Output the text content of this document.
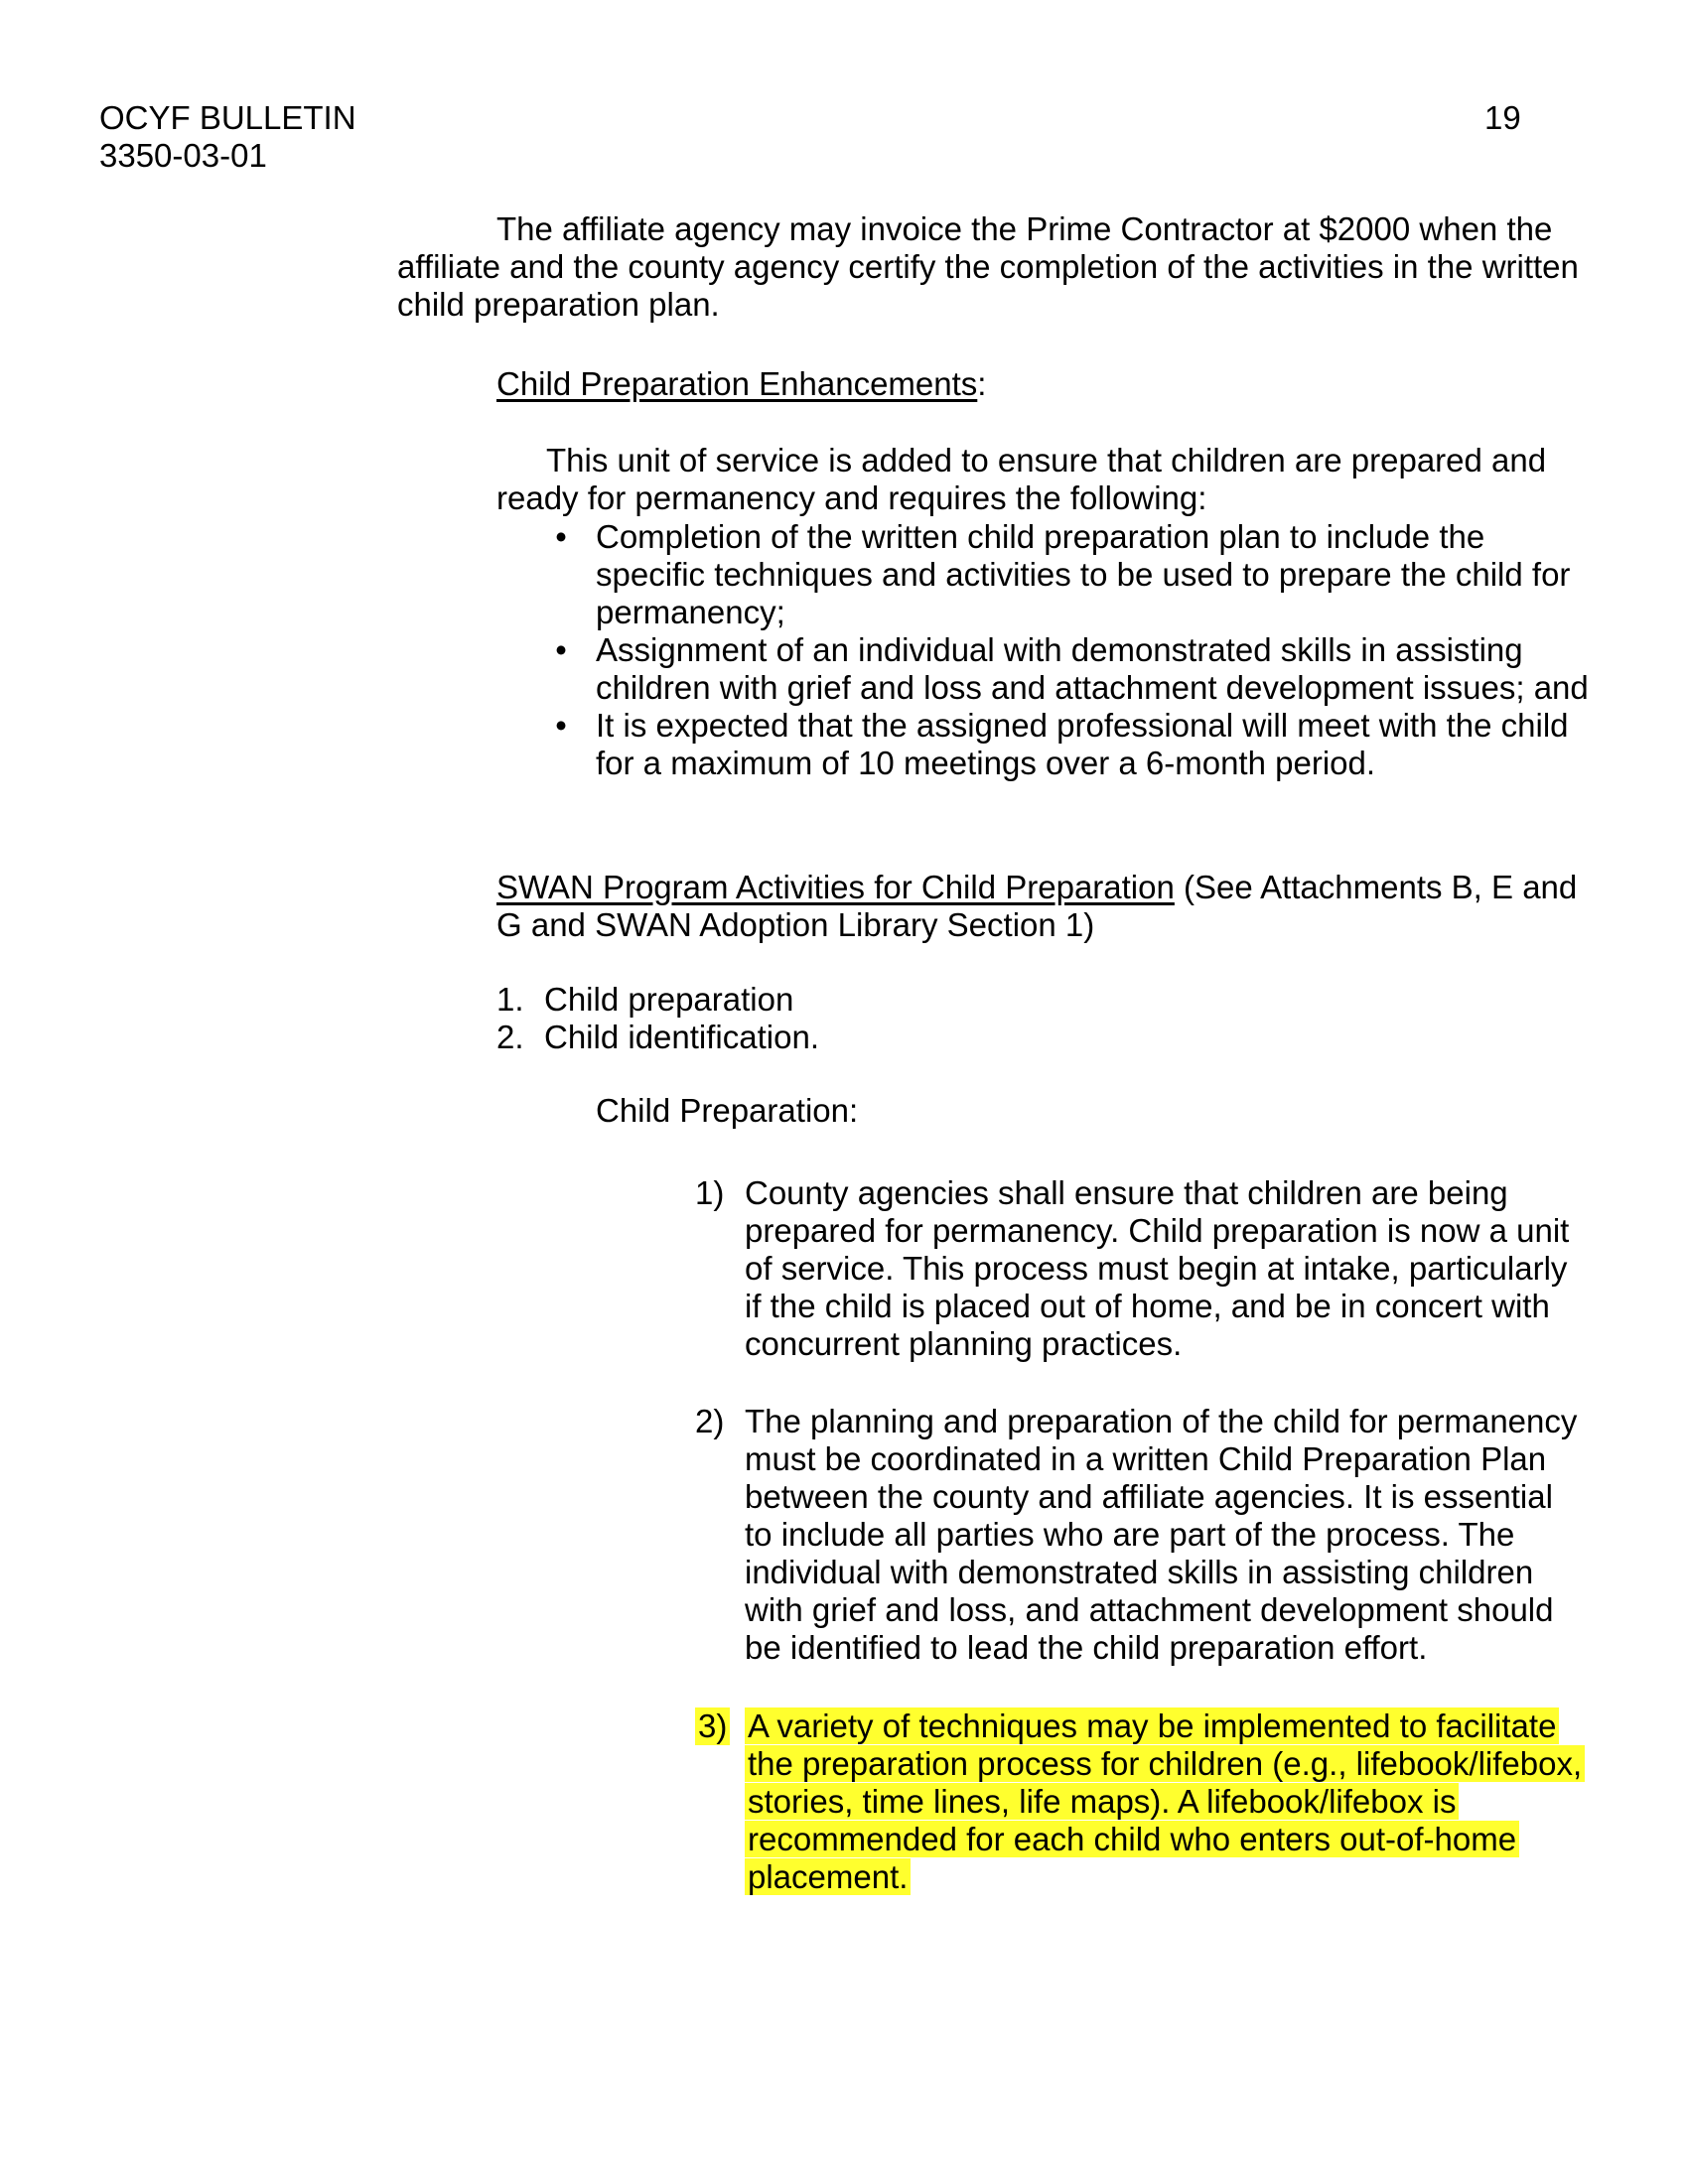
OCYF BULLETIN
3350-03-01
19
The affiliate agency may invoice the Prime Contractor at $2000 when the affiliate and the county agency certify the completion of the activities in the written child preparation plan.
Child Preparation Enhancements:
This unit of service is added to ensure that children are prepared and ready for permanency and requires the following:
• Completion of the written child preparation plan to include the specific techniques and activities to be used to prepare the child for permanency;
• Assignment of an individual with demonstrated skills in assisting children with grief and loss and attachment development issues; and
• It is expected that the assigned professional will meet with the child for a maximum of 10 meetings over a 6-month period.
SWAN Program Activities for Child Preparation (See Attachments B, E and G and SWAN Adoption Library Section 1)
1. Child preparation
2. Child identification.
Child Preparation:
1) County agencies shall ensure that children are being prepared for permanency. Child preparation is now a unit of service. This process must begin at intake, particularly if the child is placed out of home, and be in concert with concurrent planning practices.
2) The planning and preparation of the child for permanency must be coordinated in a written Child Preparation Plan between the county and affiliate agencies. It is essential to include all parties who are part of the process. The individual with demonstrated skills in assisting children with grief and loss, and attachment development should be identified to lead the child preparation effort.
3) A variety of techniques may be implemented to facilitate the preparation process for children (e.g., lifebook/lifebox, stories, time lines, life maps). A lifebook/lifebox is recommended for each child who enters out-of-home placement.
